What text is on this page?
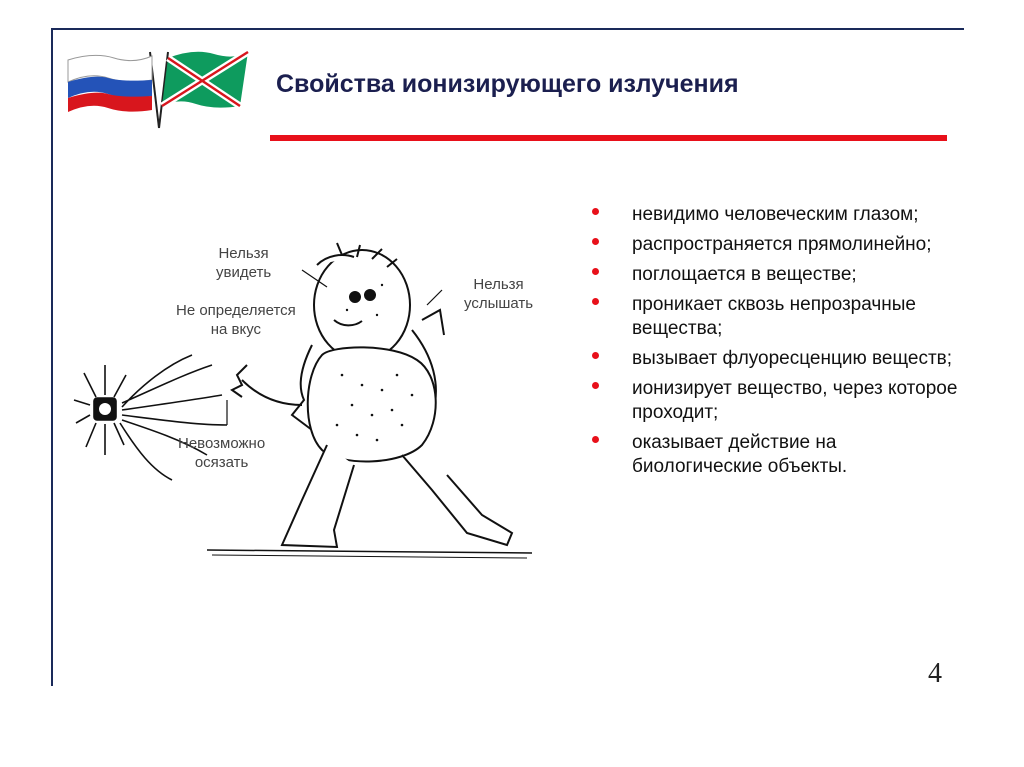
Свойства ионизирующего излучения
Нельзя
увидеть
Нельзя
услышать
Не определяется
на вкус
Невозможно
осязать
невидимо человеческим глазом;
распространяется прямолинейно;
поглощается в веществе;
проникает сквозь непрозрачные вещества;
вызывает флуоресценцию веществ;
ионизирует вещество, через которое проходит;
оказывает действие на биологические объекты.
4
